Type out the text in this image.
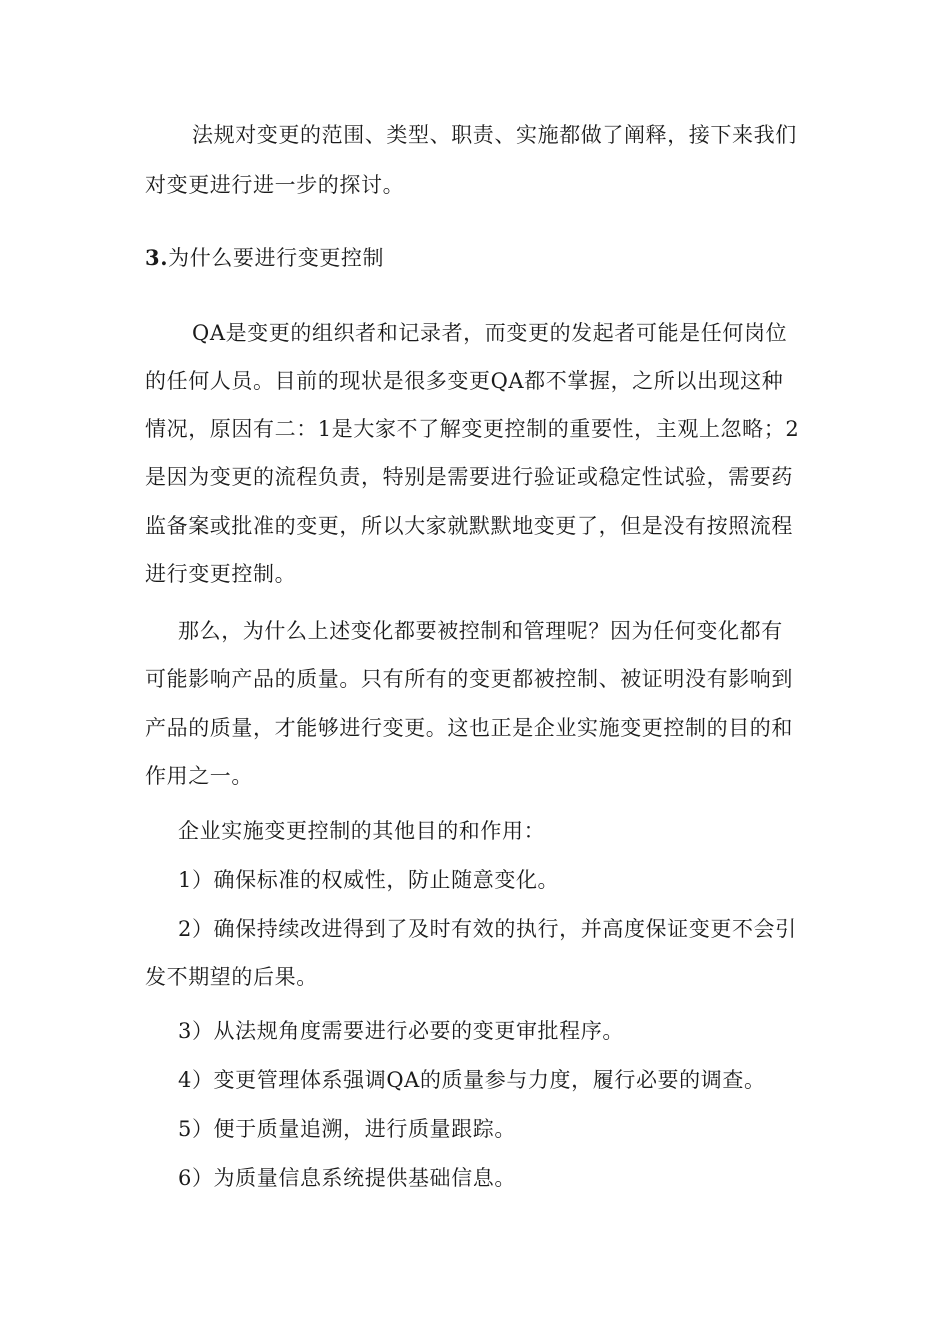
法规对变更的范围、类型、职责、实施都做了阐释，接下来我们
对变更进行进一步的探讨。
3.为什么要进行变更控制
QA是变更的组织者和记录者，而变更的发起者可能是任何岗位
的任何人员。目前的现状是很多变更QA都不掌握，之所以出现这种
情况，原因有二：1是大家不了解变更控制的重要性，主观上忽略；2
是因为变更的流程负责，特别是需要进行验证或稳定性试验，需要药
监备案或批准的变更，所以大家就默默地变更了，但是没有按照流程
进行变更控制。
那么，为什么上述变化都要被控制和管理呢？因为任何变化都有
可能影响产品的质量。只有所有的变更都被控制、被证明没有影响到
产品的质量，才能够进行变更。这也正是企业实施变更控制的目的和
作用之一。
企业实施变更控制的其他目的和作用：
1）确保标准的权威性，防止随意变化。
2）确保持续改进得到了及时有效的执行，并高度保证变更不会引
发不期望的后果。
3）从法规角度需要进行必要的变更审批程序。
4）变更管理体系强调QA的质量参与力度，履行必要的调查。
5）便于质量追溯，进行质量跟踪。
6）为质量信息系统提供基础信息。
